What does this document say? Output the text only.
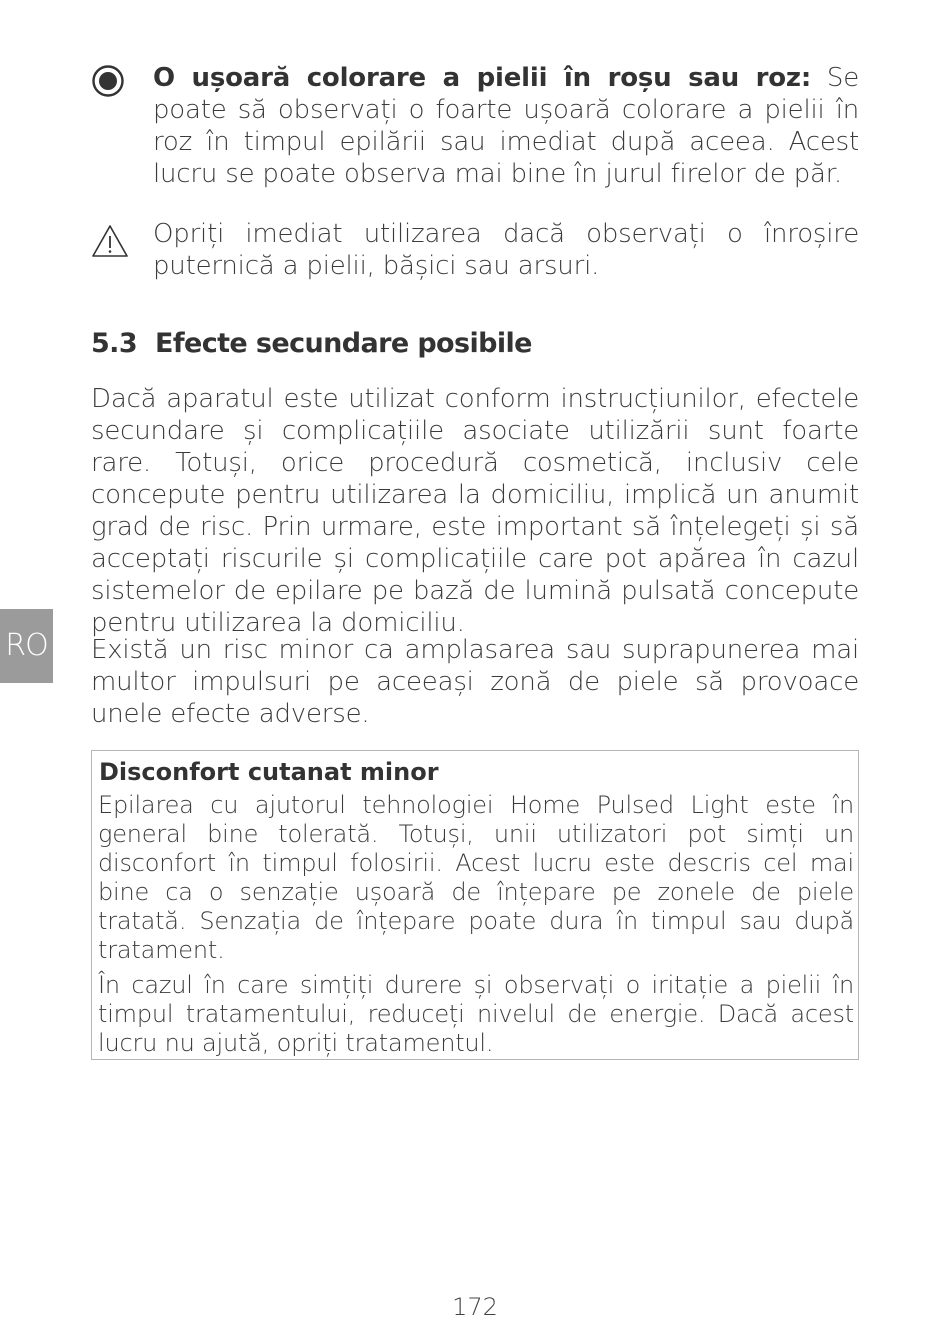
O ușoară colorare a pielii în roșu sau roz: Se poate să observați o foarte ușoară colorare a pielii în roz în timpul epilării sau imediat după aceea. Acest lucru se poate observa mai bine în jurul firelor de păr.
Opriți imediat utilizarea dacă observați o înroșire puternică a pielii, bășici sau arsuri.
5.3 Efecte secundare posibile
Dacă aparatul este utilizat conform instrucțiunilor, efectele secundare și complicațiile asociate utilizării sunt foarte rare. Totuși, orice procedură cosmetică, inclusiv cele concepute pentru utilizarea la domiciliu, implică un anumit grad de risc. Prin urmare, este important să înțelegeți și să acceptați riscurile și complicațiile care pot apărea în cazul sistemelor de epilare pe bază de lumină pulsată concepute pentru utilizarea la domiciliu.
RO Există un risc minor ca amplasarea sau suprapunerea mai multor impulsuri pe aceeași zonă de piele să provoace unele efecte adverse.
Disconfort cutanat minor
Epilarea cu ajutorul tehnologiei Home Pulsed Light este în general bine tolerată. Totuși, unii utilizatori pot simți un disconfort în timpul folosirii. Acest lucru este descris cel mai bine ca o senzație ușoară de înțepare pe zonele de piele tratată. Senzația de înțepare poate dura în timpul sau după tratament.
În cazul în care simțiți durere și observați o iritație a pielii în timpul tratamentului, reduceți nivelul de energie. Dacă acest lucru nu ajută, opriți tratamentul.
172
